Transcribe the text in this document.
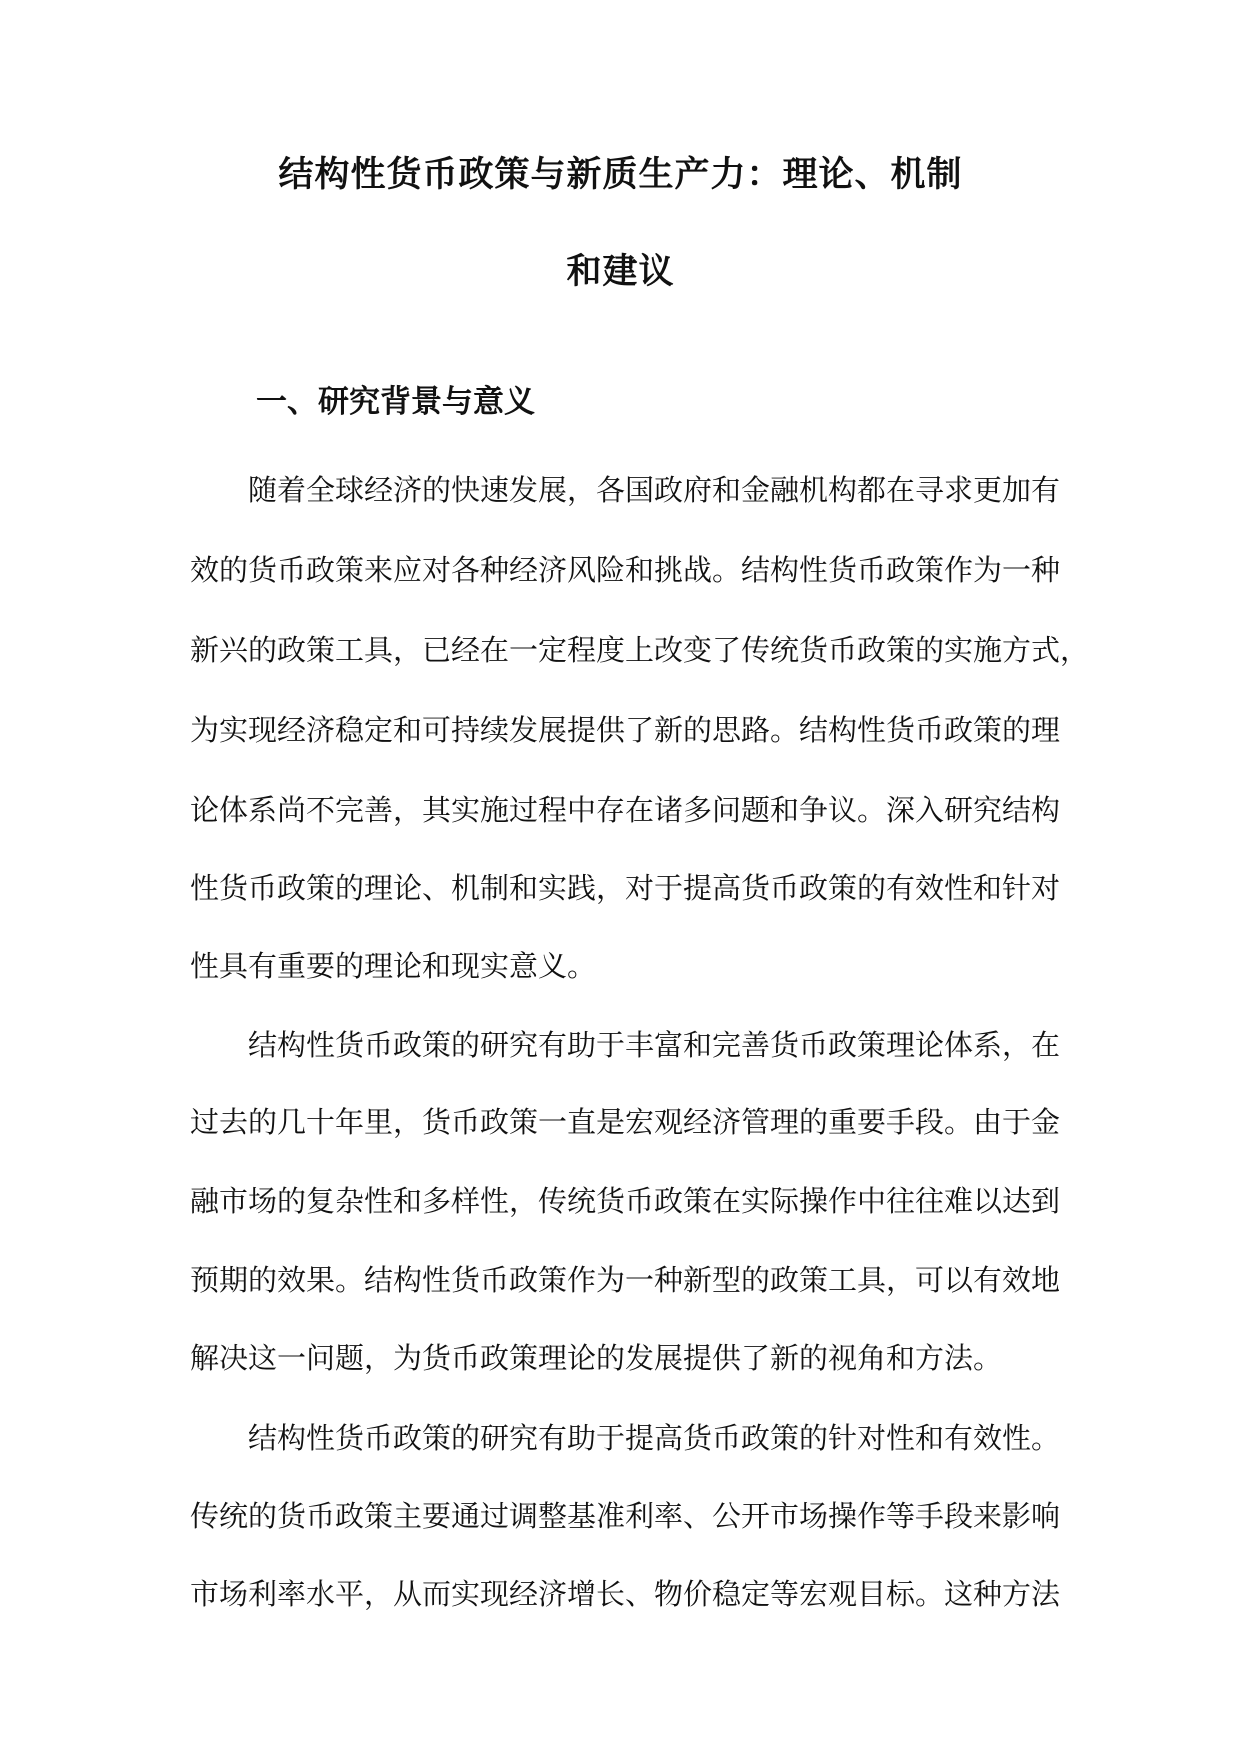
结构性货币政策与新质生产力：理论、机制
和建议
一、研究背景与意义

随着全球经济的快速发展，各国政府和金融机构都在寻求更加有

效的货币政策来应对各种经济风险和挑战。结构性货币政策作为一种

新兴的政策工具，已经在一定程度上改变了传统货币政策的实施方式，

为实现经济稳定和可持续发展提供了新的思路。结构性货币政策的理

论体系尚不完善，其实施过程中存在诸多问题和争议。深入研究结构

性货币政策的理论、机制和实践，对于提高货币政策的有效性和针对

性具有重要的理论和现实意义。

结构性货币政策的研究有助于丰富和完善货币政策理论体系，在

过去的几十年里，货币政策一直是宏观经济管理的重要手段。由于金

融市场的复杂性和多样性，传统货币政策在实际操作中往往难以达到

预期的效果。结构性货币政策作为一种新型的政策工具，可以有效地

解决这一问题，为货币政策理论的发展提供了新的视角和方法。

结构性货币政策的研究有助于提高货币政策的针对性和有效性。

传统的货币政策主要通过调整基准利率、公开市场操作等手段来影响

市场利率水平，从而实现经济增长、物价稳定等宏观目标。这种方法
